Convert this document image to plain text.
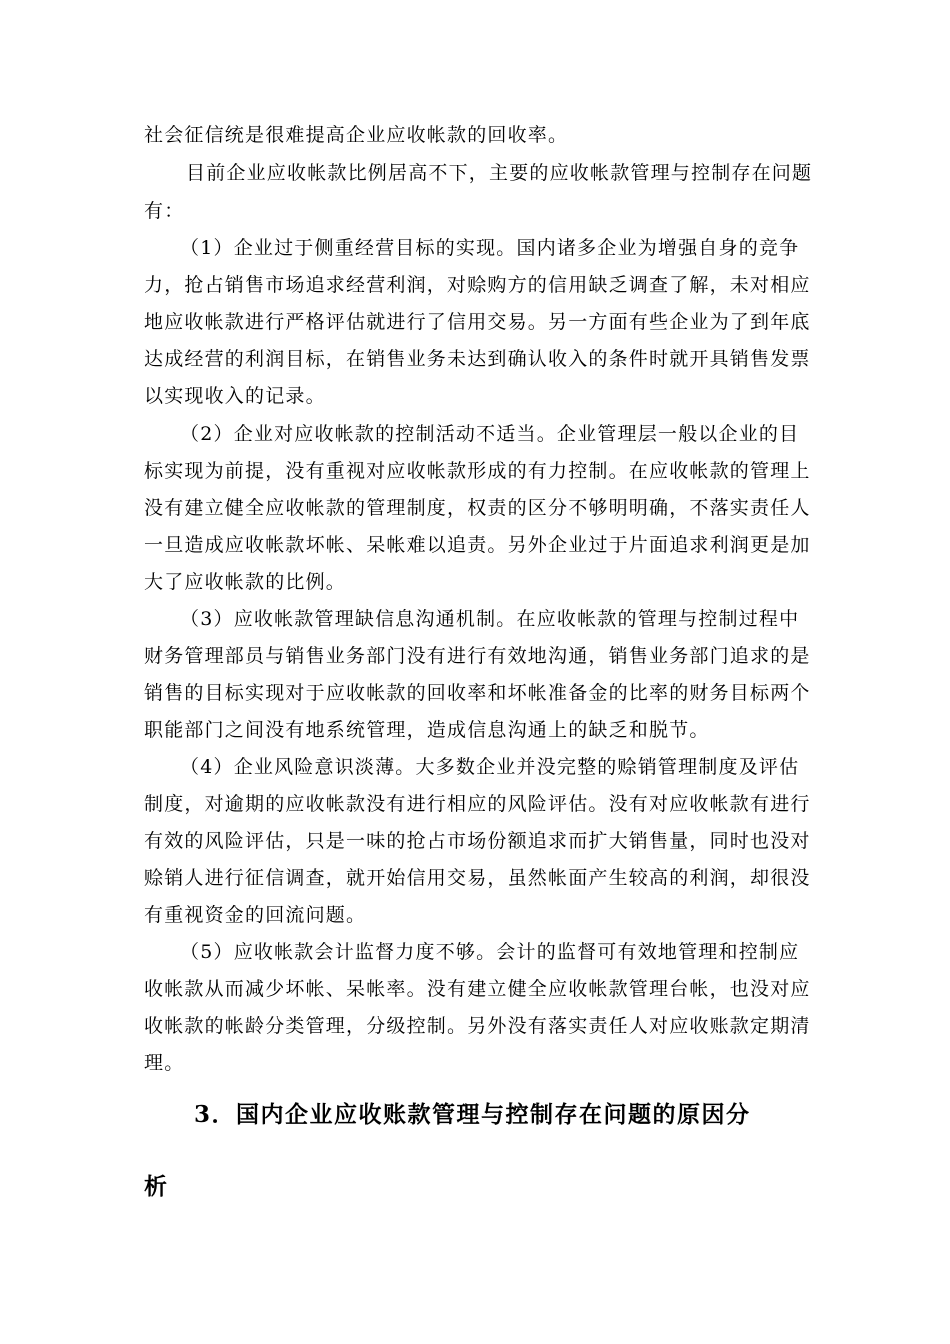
社会征信统是很难提高企业应收帐款的回收率。
目前企业应收帐款比例居高不下，主要的应收帐款管理与控制存在问题
有：
（1）企业过于侧重经营目标的实现。国内诸多企业为增强自身的竞争
力，抢占销售市场追求经营利润，对赊购方的信用缺乏调查了解，未对相应
地应收帐款进行严格评估就进行了信用交易。另一方面有些企业为了到年底
达成经营的利润目标，在销售业务未达到确认收入的条件时就开具销售发票
以实现收入的记录。
（2）企业对应收帐款的控制活动不适当。企业管理层一般以企业的目
标实现为前提，没有重视对应收帐款形成的有力控制。在应收帐款的管理上
没有建立健全应收帐款的管理制度，权责的区分不够明明确，不落实责任人
一旦造成应收帐款坏帐、呆帐难以追责。另外企业过于片面追求利润更是加
大了应收帐款的比例。
（3）应收帐款管理缺信息沟通机制。在应收帐款的管理与控制过程中
财务管理部员与销售业务部门没有进行有效地沟通，销售业务部门追求的是
销售的目标实现对于应收帐款的回收率和坏帐准备金的比率的财务目标两个
职能部门之间没有地系统管理，造成信息沟通上的缺乏和脱节。
（4）企业风险意识淡薄。大多数企业并没完整的赊销管理制度及评估
制度，对逾期的应收帐款没有进行相应的风险评估。没有对应收帐款有进行
有效的风险评估，只是一味的抢占市场份额追求而扩大销售量，同时也没对
赊销人进行征信调查，就开始信用交易，虽然帐面产生较高的利润，却很没
有重视资金的回流问题。
（5）应收帐款会计监督力度不够。会计的监督可有效地管理和控制应
收帐款从而减少坏帐、呆帐率。没有建立健全应收帐款管理台帐，也没对应
收帐款的帐龄分类管理，分级控制。另外没有落实责任人对应收账款定期清
理。
3．国内企业应收账款管理与控制存在问题的原因分
析
